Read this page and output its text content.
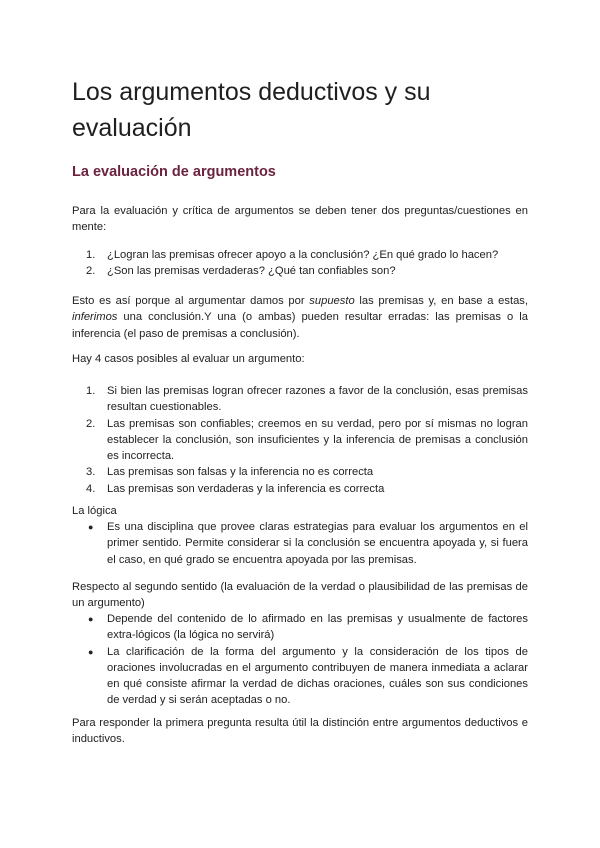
Los argumentos deductivos y su evaluación
La evaluación de argumentos

Para la evaluación y crítica de argumentos se deben tener dos preguntas/cuestiones en mente:

1.	¿Logran las premisas ofrecer apoyo a la conclusión? ¿En qué grado lo hacen?
2.	¿Son las premisas verdaderas? ¿Qué tan confiables son?

Esto es así porque al argumentar damos por supuesto las premisas y, en base a estas, inferimos una conclusión.Y una (o ambas) pueden resultar erradas: las premisas o la inferencia (el paso de premisas a conclusión).

Hay 4 casos posibles al evaluar un argumento:

1.	Si bien las premisas logran ofrecer razones a favor de la conclusión, esas premisas resultan cuestionables.
2.	Las premisas son confiables; creemos en su verdad, pero por sí mismas no logran establecer la conclusión, son insuficientes y la inferencia de premisas a conclusión es incorrecta.
3.	Las premisas son falsas y la inferencia no es correcta
4.	Las premisas son verdaderas y la inferencia es correcta

La lógica

●	Es una disciplina que provee claras estrategias para evaluar los argumentos en el primer sentido. Permite considerar si la conclusión se encuentra apoyada y, si fuera el caso, en qué grado se encuentra apoyada por las premisas.

Respecto al segundo sentido (la evaluación de la verdad o plausibilidad de las premisas de un argumento)

●	Depende del contenido de lo afirmado en las premisas y usualmente de factores extra-lógicos (la lógica no servirá)
●	La clarificación de la forma del argumento y la consideración de los tipos de oraciones involucradas en el argumento contribuyen de manera inmediata a aclarar en qué consiste afirmar la verdad de dichas oraciones, cuáles son sus condiciones de verdad y si serán aceptadas o no.

Para responder la primera pregunta resulta útil la distinción entre argumentos deductivos e inductivos.
